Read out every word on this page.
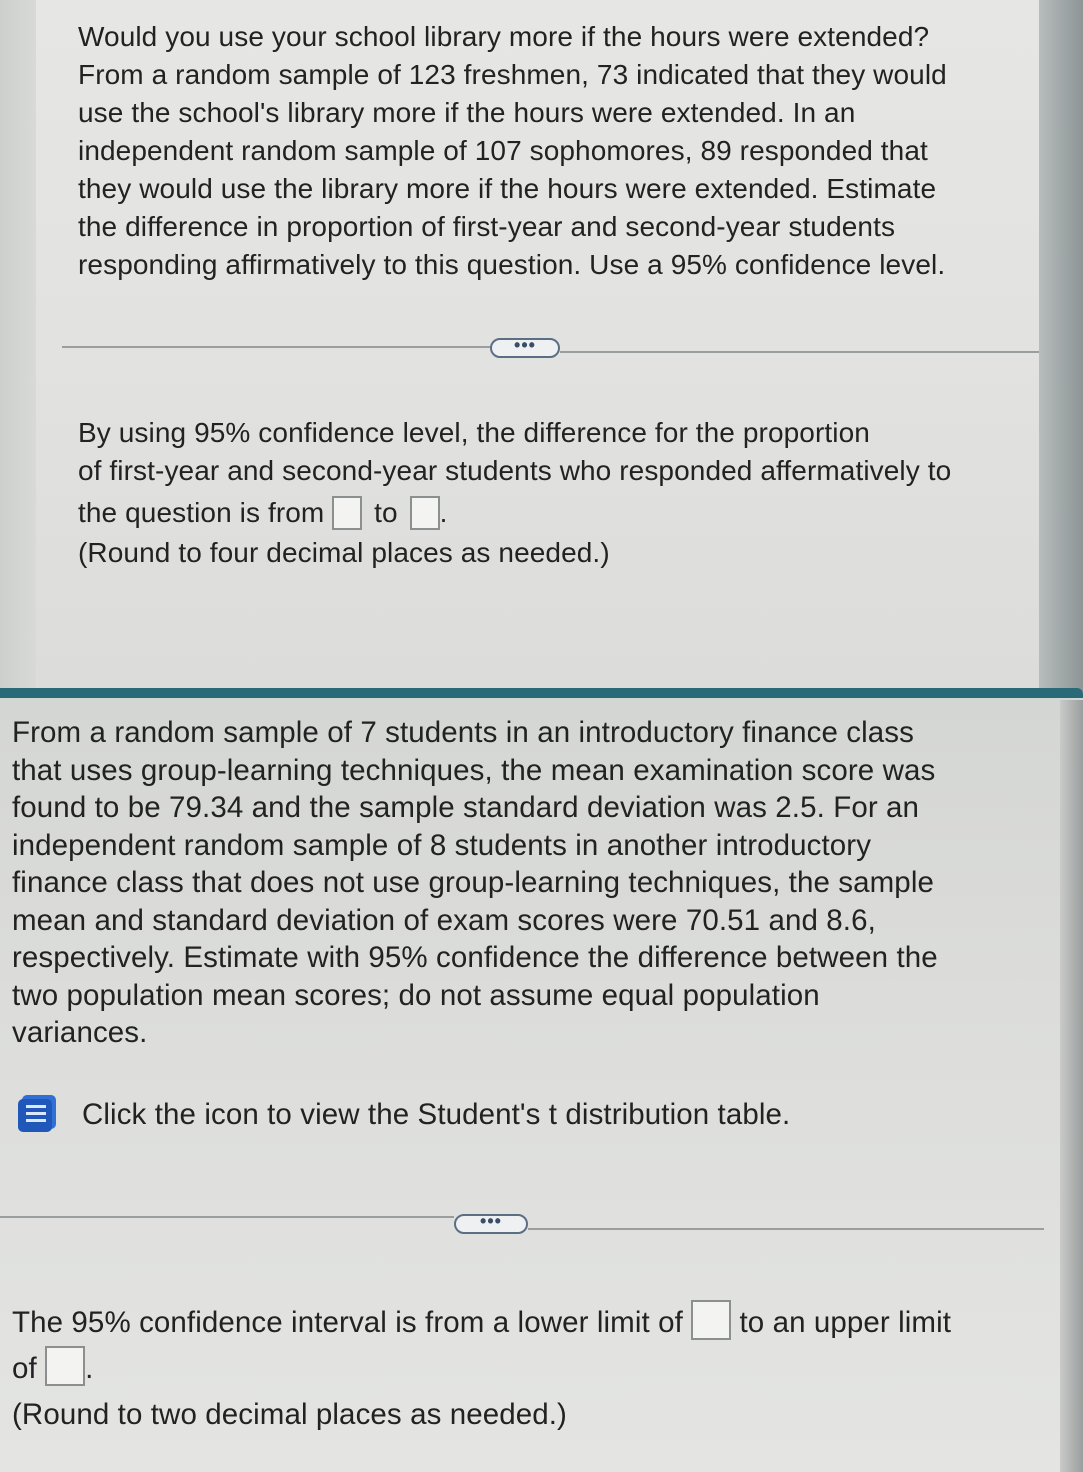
Would you use your school library more if the hours were extended?
From a random sample of 123 freshmen, 73 indicated that they would
use the school's library more if the hours were extended. In an
independent random sample of 107 sophomores, 89 responded that
they would use the library more if the hours were extended. Estimate
the difference in proportion of first-year and second-year students
responding affirmatively to this question. Use a 95% confidence level.
•••
By using 95% confidence level, the difference for the proportion
of first-year and second-year students who responded affermatively to
the question is from to .
(Round to four decimal places as needed.)
From a random sample of 7 students in an introductory finance class
that uses group-learning techniques, the mean examination score was
found to be 79.34 and the sample standard deviation was 2.5. For an
independent random sample of 8 students in another introductory
finance class that does not use group-learning techniques, the sample
mean and standard deviation of exam scores were 70.51 and 8.6,
respectively. Estimate with 95% confidence the difference between the
two population mean scores; do not assume equal population
variances.
Click the icon to view the Student's t distribution table.
•••
The 95% confidence interval is from a lower limit of to an upper limit
of .
(Round to two decimal places as needed.)
